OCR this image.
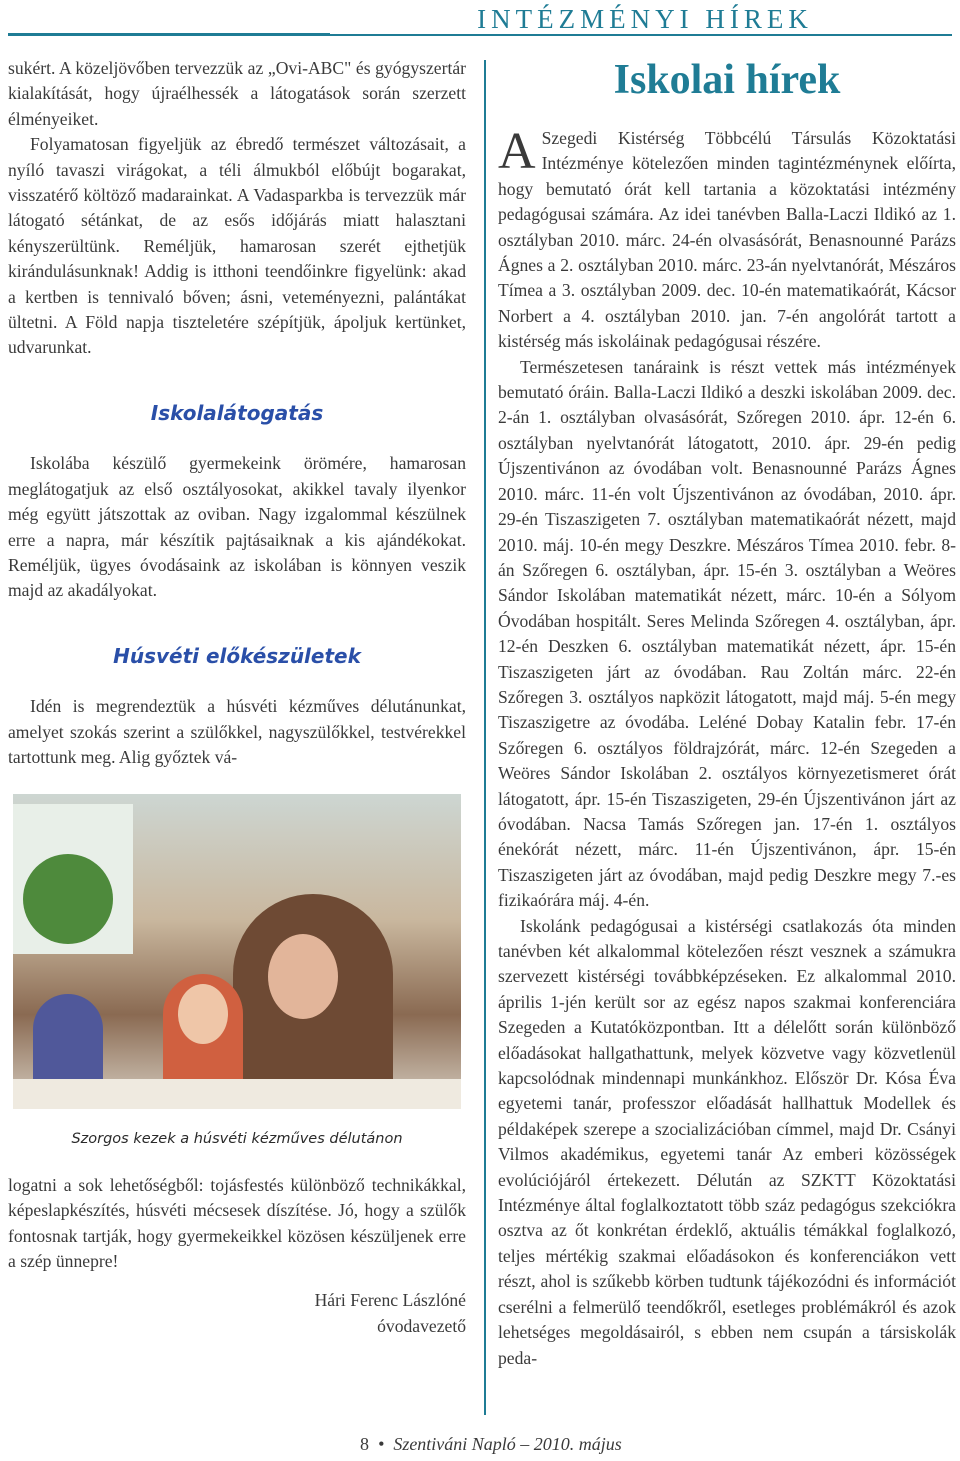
INTÉZMÉNYI HÍREK

sukért. A közeljövőben tervezzük az „Ovi-ABC" és gyógyszertár kialakítását, hogy újraélhessék a látogatások során szerzett élményeiket.

Folyamatosan figyeljük az ébredő természet változásait, a nyíló tavaszi virágokat, a téli álmukból előbújt bogarakat, visszatérő költöző madarainkat. A Vadasparkba is tervezzük már látogató sétánkat, de az esős időjárás miatt halasztani kényszerültünk. Reméljük, hamarosan szerét ejthetjük kirándulásunknak! Addig is itthoni teendőinkre figyelünk: akad a kertben is tennivaló bőven; ásni, veteményezni, palántákat ültetni. A Föld napja tiszteletére szépítjük, ápoljuk kertünket, udvarunkat.

Iskolalátogatás

Iskolába készülő gyermekeink örömére, hamarosan meglátogatjuk az első osztályosokat, akikkel tavaly ilyenkor még együtt játszottak az oviban. Nagy izgalommal készülnek erre a napra, már készítik pajtásaiknak a kis ajándékokat. Reméljük, ügyes óvodásaink az iskolában is könnyen veszik majd az akadályokat.

Húsvéti előkészületek

Idén is megrendeztük a húsvéti kézműves délutánunkat, amelyet szokás szerint a szülőkkel, nagyszülőkkel, testvérekkel tartottunk meg. Alig győztek vá-

Szorgos kezek a húsvéti kézműves délutánon

logatni a sok lehetőségből: tojásfestés különböző technikákkal, képeslapkészítés, húsvéti mécsesek díszítése. Jó, hogy a szülők fontosnak tartják, hogy gyermekeikkel közösen készüljenek erre a szép ünnepre!

Hári Ferenc Lászlóné
óvodavezető
Iskolai hírek

A Szegedi Kistérség Többcélú Társulás Közoktatási Intézménye kötelezően minden tagintézménynek előírta, hogy bemutató órát kell tartania a közoktatási intézmény pedagógusai számára. Az idei tanévben Balla-Laczi Ildikó az 1. osztályban 2010. márc. 24-én olvasásórát, Benasnounné Parázs Ágnes a 2. osztályban 2010. márc. 23-án nyelvtanórát, Mészáros Tímea a 3. osztályban 2009. dec. 10-én matematikaórát, Kácsor Norbert a 4. osztályban 2010. jan. 7-én angolórát tartott a kistérség más iskoláinak pedagógusai részére.

Természetesen tanáraink is részt vettek más intézmények bemutató óráin. Balla-Laczi Ildikó a deszki iskolában 2009. dec. 2-án 1. osztályban olvasásórát, Szőregen 2010. ápr. 12-én 6. osztályban nyelvtanórát látogatott, 2010. ápr. 29-én pedig Újszentivánon az óvodában volt. Benasnounné Parázs Ágnes 2010. márc. 11-én volt Újszentivánon az óvodában, 2010. ápr. 29-én Tiszaszigeten 7. osztályban matematikaórát nézett, majd 2010. máj. 10-én megy Deszkre. Mészáros Tímea 2010. febr. 8-án Szőregen 6. osztályban, ápr. 15-én 3. osztályban a Weöres Sándor Iskolában matematikát nézett, márc. 10-én a Sólyom Óvodában hospitált. Seres Melinda Szőregen 4. osztályban, ápr. 12-én Deszken 6. osztályban matematikát nézett, ápr. 15-én Tiszaszigeten járt az óvodában. Rau Zoltán márc. 22-én Szőregen 3. osztályos napközit látogatott, majd máj. 5-én megy Tiszaszigetre az óvodába. Leléné Dobay Katalin febr. 17-én Szőregen 6. osztályos földrajzórát, márc. 12-én Szegeden a Weöres Sándor Iskolában 2. osztályos környezetismeret órát látogatott, ápr. 15-én Tiszaszigeten, 29-én Újszentivánon járt az óvodában. Nacsa Tamás Szőregen jan. 17-én 1. osztályos énekórát nézett, márc. 11-én Újszentivánon, ápr. 15-én Tiszaszigeten járt az óvodában, majd pedig Deszkre megy 7.-es fizikaórára máj. 4-én.

Iskolánk pedagógusai a kistérségi csatlakozás óta minden tanévben két alkalommal kötelezően részt vesznek a számukra szervezett kistérségi továbbképzéseken. Ez alkalommal 2010. április 1-jén került sor az egész napos szakmai konferenciára Szegeden a Kutatóközpontban. Itt a délelőtt során különböző előadásokat hallgathattunk, melyek közvetve vagy közvetlenül kapcsolódnak mindennapi munkánkhoz. Először Dr. Kósa Éva egyetemi tanár, professzor előadását hallhattuk Modellek és példaképek szerepe a szocializációban címmel, majd Dr. Csányi Vilmos akadémikus, egyetemi tanár Az emberi közösségek evolúciójáról értekezett. Délután az SZKTT Közoktatási Intézménye által foglalkoztatott több száz pedagógus szekciókra osztva az őt konkrétan érdeklő, aktuális témákkal foglalkozó, teljes mértékig szakmai előadásokon és konferenciákon vett részt, ahol is szűkebb körben tudtunk tájékozódni és információt cserélni a felmerülő teendőkről, esetleges problémákról és azok lehetséges megoldásairól, s ebben nem csupán a társiskolák peda-

8 • Szentiváni Napló – 2010. május
